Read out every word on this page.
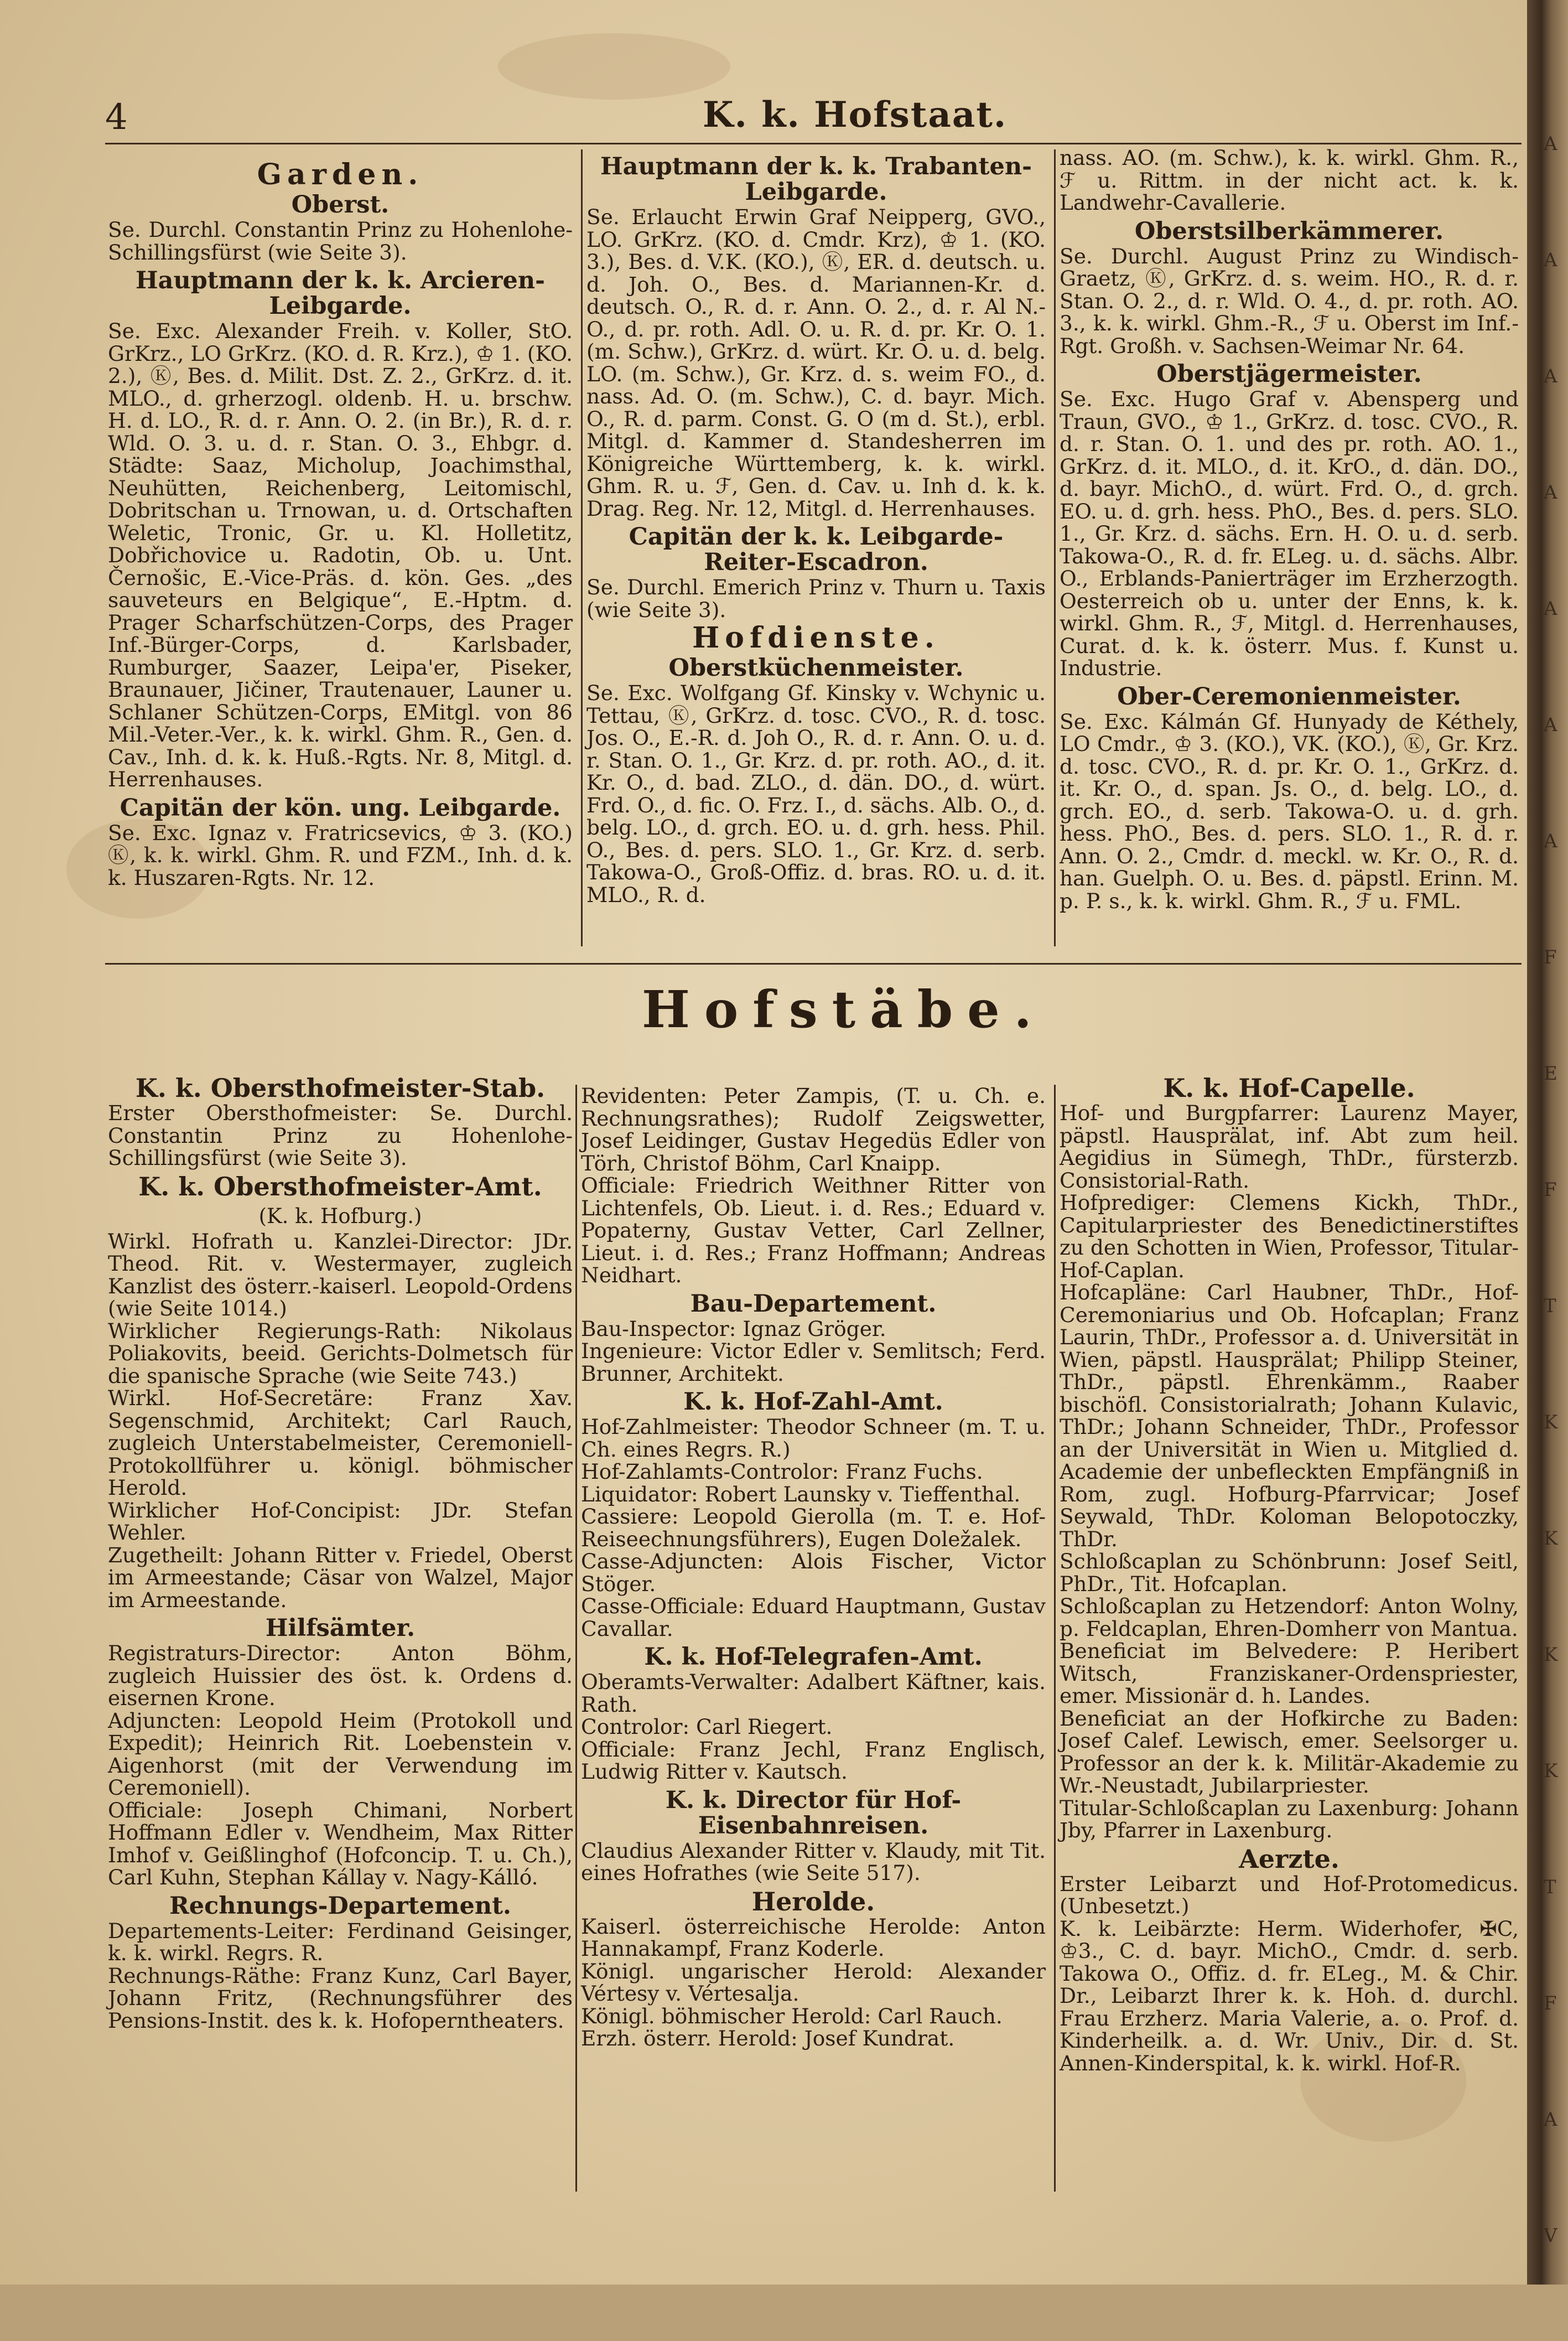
4	K. k. Hofstaat.

Garden.

Oberst.

Se. Durchl. Constantin Prinz zu Hohenlohe-Schillingsfürst (wie Seite 3).

Hauptmann der k. k. Arcieren-Leibgarde.

Se. Exc. Alexander Freih. v. Koller, StO. GrKrz., LO GrKrz. (KO. d. R. Krz.), ♔ 1. (KO. 2.), Ⓚ, Bes. d. Milit. Dst. Z. 2., GrKrz. d. it. MLO., d. grherzogl. oldenb. H. u. brschw. H. d. LO., R. d. r. Ann. O. 2. (in Br.), R. d. r. Wld. O. 3. u. d. r. Stan. O. 3., Ehbgr. d. Städte: Saaz, Micholup, Joachimsthal, Neuhütten, Reichenberg, Leitomischl, Dobritschan u. Trnowan, u. d. Ortschaften Weletic, Tronic, Gr. u. Kl. Holletitz, Dobřichovice u. Radotin, Ob. u. Unt. Černošic, E.-Vice-Präs. d. kön. Ges. „des sauveteurs en Belgique“, E.-Hptm. d. Prager Scharfschützen-Corps, des Prager Inf.-Bürger-Corps, d. Karlsbader, Rumburger, Saazer, Leipa'er, Piseker, Braunauer, Jičiner, Trautenauer, Launer u. Schlaner Schützen-Corps, EMitgl. von 86 Mil.-Veter.-Ver., k. k. wirkl. Ghm. R., Gen. d. Cav., Inh. d. k. k. Huß.-Rgts. Nr. 8, Mitgl. d. Herrenhauses.

Capitän der kön. ung. Leibgarde.

Se. Exc. Ignaz v. Fratricsevics, ♔ 3. (KO.) Ⓚ, k. k. wirkl. Ghm. R. und FZM., Inh. d. k. k. Huszaren-Rgts. Nr. 12.

Hauptmann der k. k. Trabanten-Leibgarde.

Se. Erlaucht Erwin Graf Neipperg, GVO., LO. GrKrz. (KO. d. Cmdr. Krz), ♔ 1. (KO. 3.), Bes. d. V.K. (KO.), Ⓚ, ER. d. deutsch. u. d. Joh. O., Bes. d. Mariannen-Kr. d. deutsch. O., R. d. r. Ann. O. 2., d. r. Al N.-O., d. pr. roth. Adl. O. u. R. d. pr. Kr. O. 1. (m. Schw.), GrKrz. d. würt. Kr. O. u. d. belg. LO. (m. Schw.), Gr. Krz. d. s. weim FO., d. nass. Ad. O. (m. Schw.), C. d. bayr. Mich. O., R. d. parm. Const. G. O (m d. St.), erbl. Mitgl. d. Kammer d. Standesherren im Königreiche Württemberg, k. k. wirkl. Ghm. R. u. ℱ, Gen. d. Cav. u. Inh d. k. k. Drag. Reg. Nr. 12, Mitgl. d. Herrenhauses.

Capitän der k. k. Leibgarde-Reiter-Escadron.

Se. Durchl. Emerich Prinz v. Thurn u. Taxis (wie Seite 3).

Hofdienste.

Oberstküchenmeister.

Se. Exc. Wolfgang Gf. Kinsky v. Wchynic u. Tettau, Ⓚ, GrKrz. d. tosc. CVO., R. d. tosc. Jos. O., E.-R. d. Joh O., R. d. r. Ann. O. u. d. r. Stan. O. 1., Gr. Krz. d. pr. roth. AO., d. it. Kr. O., d. bad. ZLO., d. dän. DO., d. würt. Frd. O., d. fic. O. Frz. I., d. sächs. Alb. O., d. belg. LO., d. grch. EO. u. d. grh. hess. Phil. O., Bes. d. pers. SLO. 1., Gr. Krz. d. serb. Takowa-O., Groß-Offiz. d. bras. RO. u. d. it. MLO., R. d.

nass. AO. (m. Schw.), k. k. wirkl. Ghm. R., ℱ u. Rittm. in der nicht act. k. k. Landwehr-Cavallerie.

Oberstsilberkämmerer.

Se. Durchl. August Prinz zu Windisch-Graetz, Ⓚ, GrKrz. d. s. weim. HO., R. d. r. Stan. O. 2., d. r. Wld. O. 4., d. pr. roth. AO. 3., k. k. wirkl. Ghm.-R., ℱ u. Oberst im Inf.-Rgt. Großh. v. Sachsen-Weimar Nr. 64.

Oberstjägermeister.

Se. Exc. Hugo Graf v. Abensperg und Traun, GVO., ♔ 1., GrKrz. d. tosc. CVO., R. d. r. Stan. O. 1. und des pr. roth. AO. 1., GrKrz. d. it. MLO., d. it. KrO., d. dän. DO., d. bayr. MichO., d. würt. Frd. O., d. grch. EO. u. d. grh. hess. PhO., Bes. d. pers. SLO. 1., Gr. Krz. d. sächs. Ern. H. O. u. d. serb. Takowa-O., R. d. fr. ELeg. u. d. sächs. Albr. O., Erblands-Panierträger im Erzherzogth. Oesterreich ob u. unter der Enns, k. k. wirkl. Ghm. R., ℱ, Mitgl. d. Herrenhauses, Curat. d. k. k. österr. Mus. f. Kunst u. Industrie.

Ober-Ceremonienmeister.

Se. Exc. Kálmán Gf. Hunyady de Kéthely, LO Cmdr., ♔ 3. (KO.), VK. (KO.), Ⓚ, Gr. Krz. d. tosc. CVO., R. d. pr. Kr. O. 1., GrKrz. d. it. Kr. O., d. span. Js. O., d. belg. LO., d. grch. EO., d. serb. Takowa-O. u. d. grh. hess. PhO., Bes. d. pers. SLO. 1., R. d. r. Ann. O. 2., Cmdr. d. meckl. w. Kr. O., R. d. han. Guelph. O. u. Bes. d. päpstl. Erinn. M. p. P. s., k. k. wirkl. Ghm. R., ℱ u. FML.

Hofstäbe.

K. k. Obersthofmeister-Stab.

Erster Obersthofmeister: Se. Durchl. Constantin Prinz zu Hohenlohe-Schillingsfürst (wie Seite 3).

K. k. Obersthofmeister-Amt.

(K. k. Hofburg.)

Wirkl. Hofrath u. Kanzlei-Director: JDr. Theod. Rit. v. Westermayer, zugleich Kanzlist des österr.-kaiserl. Leopold-Ordens (wie Seite 1014.)

Wirklicher Regierungs-Rath: Nikolaus Poliakovits, beeid. Gerichts-Dolmetsch für die spanische Sprache (wie Seite 743.)

Wirkl. Hof-Secretäre: Franz Xav. Segenschmid, Architekt; Carl Rauch, zugleich Unterstabelmeister, Ceremoniell-Protokollführer u. königl. böhmischer Herold.

Wirklicher Hof-Concipist: JDr. Stefan Wehler.

Zugetheilt: Johann Ritter v. Friedel, Oberst im Armeestande; Cäsar von Walzel, Major im Armeestande.

Hilfsämter.

Registraturs-Director: Anton Böhm, zugleich Huissier des öst. k. Ordens d. eisernen Krone.

Adjuncten: Leopold Heim (Protokoll und Expedit); Heinrich Rit. Loebenstein v. Aigenhorst (mit der Verwendung im Ceremoniell).

Officiale: Joseph Chimani, Norbert Hoffmann Edler v. Wendheim, Max Ritter Imhof v. Geißlinghof (Hofconcip. T. u. Ch.), Carl Kuhn, Stephan Kállay v. Nagy-Kálló.

Rechnungs-Departement.

Departements-Leiter: Ferdinand Geisinger, k. k. wirkl. Regrs. R.

Rechnungs-Räthe: Franz Kunz, Carl Bayer, Johann Fritz, (Rechnungsführer des Pensions-Instit. des k. k. Hofoperntheaters.

Revidenten: Peter Zampis, (T. u. Ch. e. Rechnungsrathes); Rudolf Zeigswetter, Josef Leidinger, Gustav Hegedüs Edler von Törh, Christof Böhm, Carl Knaipp.

Officiale: Friedrich Weithner Ritter von Lichtenfels, Ob. Lieut. i. d. Res.; Eduard v. Popaterny, Gustav Vetter, Carl Zellner, Lieut. i. d. Res.; Franz Hoffmann; Andreas Neidhart.

Bau-Departement.

Bau-Inspector: Ignaz Gröger.

Ingenieure: Victor Edler v. Semlitsch; Ferd. Brunner, Architekt.

K. k. Hof-Zahl-Amt.

Hof-Zahlmeister: Theodor Schneer (m. T. u. Ch. eines Regrs. R.)

Hof-Zahlamts-Controlor: Franz Fuchs.

Liquidator: Robert Launsky v. Tieffenthal.

Cassiere: Leopold Gierolla (m. T. e. Hof-Reiseechnungsführers), Eugen Doležalek.

Casse-Adjuncten: Alois Fischer, Victor Stöger.

Casse-Officiale: Eduard Hauptmann, Gustav Cavallar.

K. k. Hof-Telegrafen-Amt.

Oberamts-Verwalter: Adalbert Käftner, kais. Rath.

Controlor: Carl Riegert.

Officiale: Franz Jechl, Franz Englisch, Ludwig Ritter v. Kautsch.

K. k. Director für Hof-Eisenbahnreisen.

Claudius Alexander Ritter v. Klaudy, mit Tit. eines Hofrathes (wie Seite 517).

Herolde.

Kaiserl. österreichische Herolde: Anton Hannakampf, Franz Koderle.

Königl. ungarischer Herold: Alexander Vértesy v. Vértesalja.

Königl. böhmischer Herold: Carl Rauch.

Erzh. österr. Herold: Josef Kundrat.

K. k. Hof-Capelle.

Hof- und Burgpfarrer: Laurenz Mayer, päpstl. Hausprälat, inf. Abt zum heil. Aegidius in Sümegh, ThDr., fürsterzb. Consistorial-Rath.

Hofprediger: Clemens Kickh, ThDr., Capitularpriester des Benedictinerstiftes zu den Schotten in Wien, Professor, Titular-Hof-Caplan.

Hofcapläne: Carl Haubner, ThDr., Hof-Ceremoniarius und Ob. Hofcaplan; Franz Laurin, ThDr., Professor a. d. Universität in Wien, päpstl. Hausprälat; Philipp Steiner, ThDr., päpstl. Ehrenkämm., Raaber bischöfl. Consistorialrath; Johann Kulavic, ThDr.; Johann Schneider, ThDr., Professor an der Universität in Wien u. Mitglied d. Academie der unbefleckten Empfängniß in Rom, zugl. Hofburg-Pfarrvicar; Josef Seywald, ThDr. Koloman Belopotoczky, ThDr.

Schloßcaplan zu Schönbrunn: Josef Seitl, PhDr., Tit. Hofcaplan.

Schloßcaplan zu Hetzendorf: Anton Wolny, p. Feldcaplan, Ehren-Domherr von Mantua.

Beneficiat im Belvedere: P. Heribert Witsch, Franziskaner-Ordenspriester, emer. Missionär d. h. Landes.

Beneficiat an der Hofkirche zu Baden: Josef Calef. Lewisch, emer. Seelsorger u. Professor an der k. k. Militär-Akademie zu Wr.-Neustadt, Jubilarpriester.

Titular-Schloßcaplan zu Laxenburg: Johann Jby, Pfarrer in Laxenburg.

Aerzte.

Erster Leibarzt und Hof-Protomedicus. (Unbesetzt.)

K. k. Leibärzte: Herm. Widerhofer, ✠C, ♔3., C. d. bayr. MichO., Cmdr. d. serb. Takowa O., Offiz. d. fr. ELeg., M. & Chir. Dr., Leibarzt Ihrer k. k. Hoh. d. durchl. Frau Erzherz. Maria Valerie, a. o. Prof. d. Kinderheilk. a. d. Wr. Univ., Dir. d. St. Annen-Kinderspital, k. k. wirkl. Hof-R.

A
A
A
A
A
A
A
F
E
F
T
K
K
K
K
T
F
A
V
